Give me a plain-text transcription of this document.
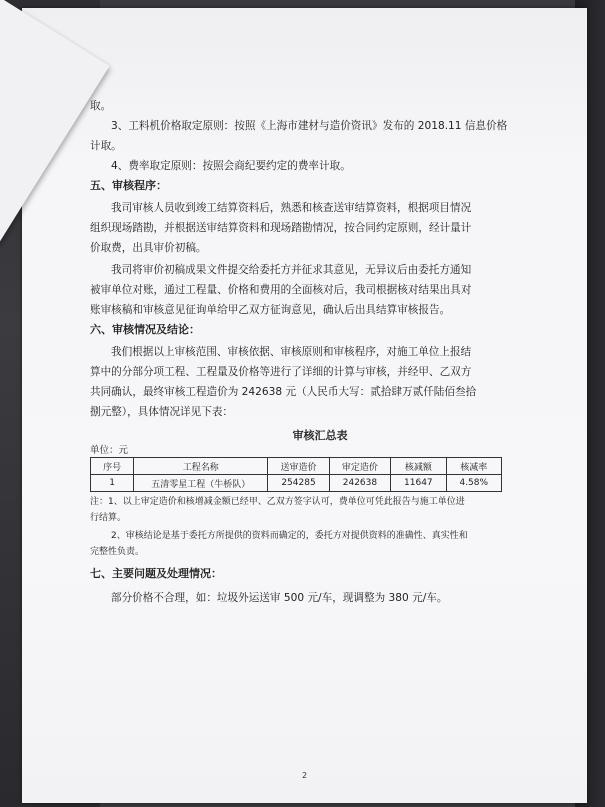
取。
3、工料机价格取定原则：按照《上海市建材与造价资讯》发布的 2018.11 信息价格
计取。
4、费率取定原则：按照会商纪要约定的费率计取。
五、审核程序：
我司审核人员收到竣工结算资料后，熟悉和核查送审结算资料，根据项目情况
组织现场踏勘，并根据送审结算资料和现场踏勘情况，按合同约定原则，经计量计
价取费，出具审价初稿。
我司将审价初稿成果文件提交给委托方并征求其意见，无异议后由委托方通知
被审单位对账，通过工程量、价格和费用的全面核对后，我司根据核对结果出具对
账审核稿和审核意见征询单给甲乙双方征询意见，确认后出具结算审核报告。
六、审核情况及结论：
我们根据以上审核范围、审核依据、审核原则和审核程序，对施工单位上报结
算中的分部分项工程、工程量及价格等进行了详细的计算与审核，并经甲、乙双方
共同确认，最终审核工程造价为 242638 元（人民币大写：贰拾肆万贰仟陆佰叁拾
捌元整），具体情况详见下表：
审核汇总表
单位：元
序号	工程名称	送审造价	审定造价	核减额	核减率
1	五清零星工程（牛桥队）	254285	242638	11647	4.58%
注：1、以上审定造价和核增减金额已经甲、乙双方签字认可，费单位可凭此报告与施工单位进
行结算。
2、审核结论是基于委托方所提供的资料而确定的，委托方对提供资料的准确性、真实性和
完整性负责。
七、主要问题及处理情况：
部分价格不合理，如：垃圾外运送审 500 元/车，现调整为 380 元/车。
2
